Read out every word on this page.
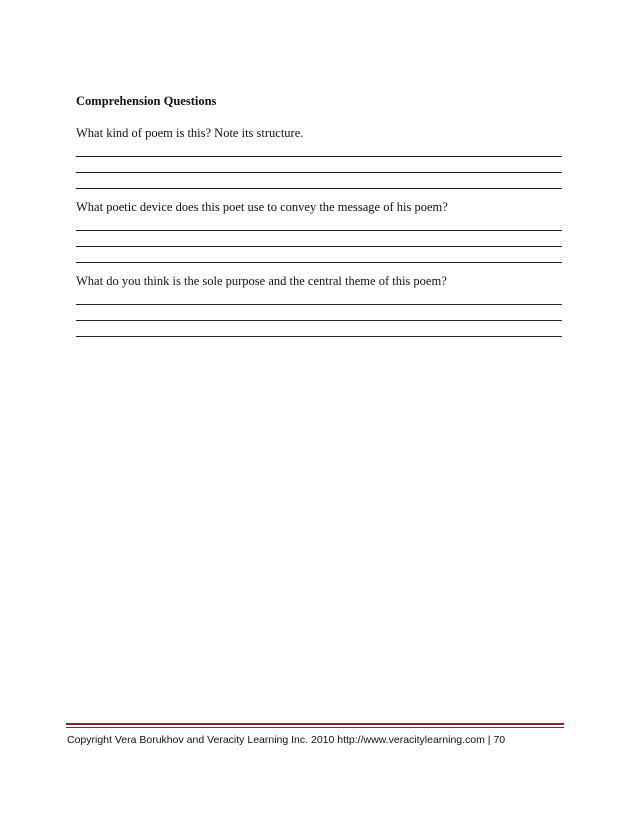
Comprehension Questions

What kind of poem is this? Note its structure.

What poetic device does this poet use to convey the message of his poem?

What do you think is the sole purpose and the central theme of this poem?

Copyright Vera Borukhov and Veracity Learning Inc. 2010 http://www.veracitylearning.com | 70
